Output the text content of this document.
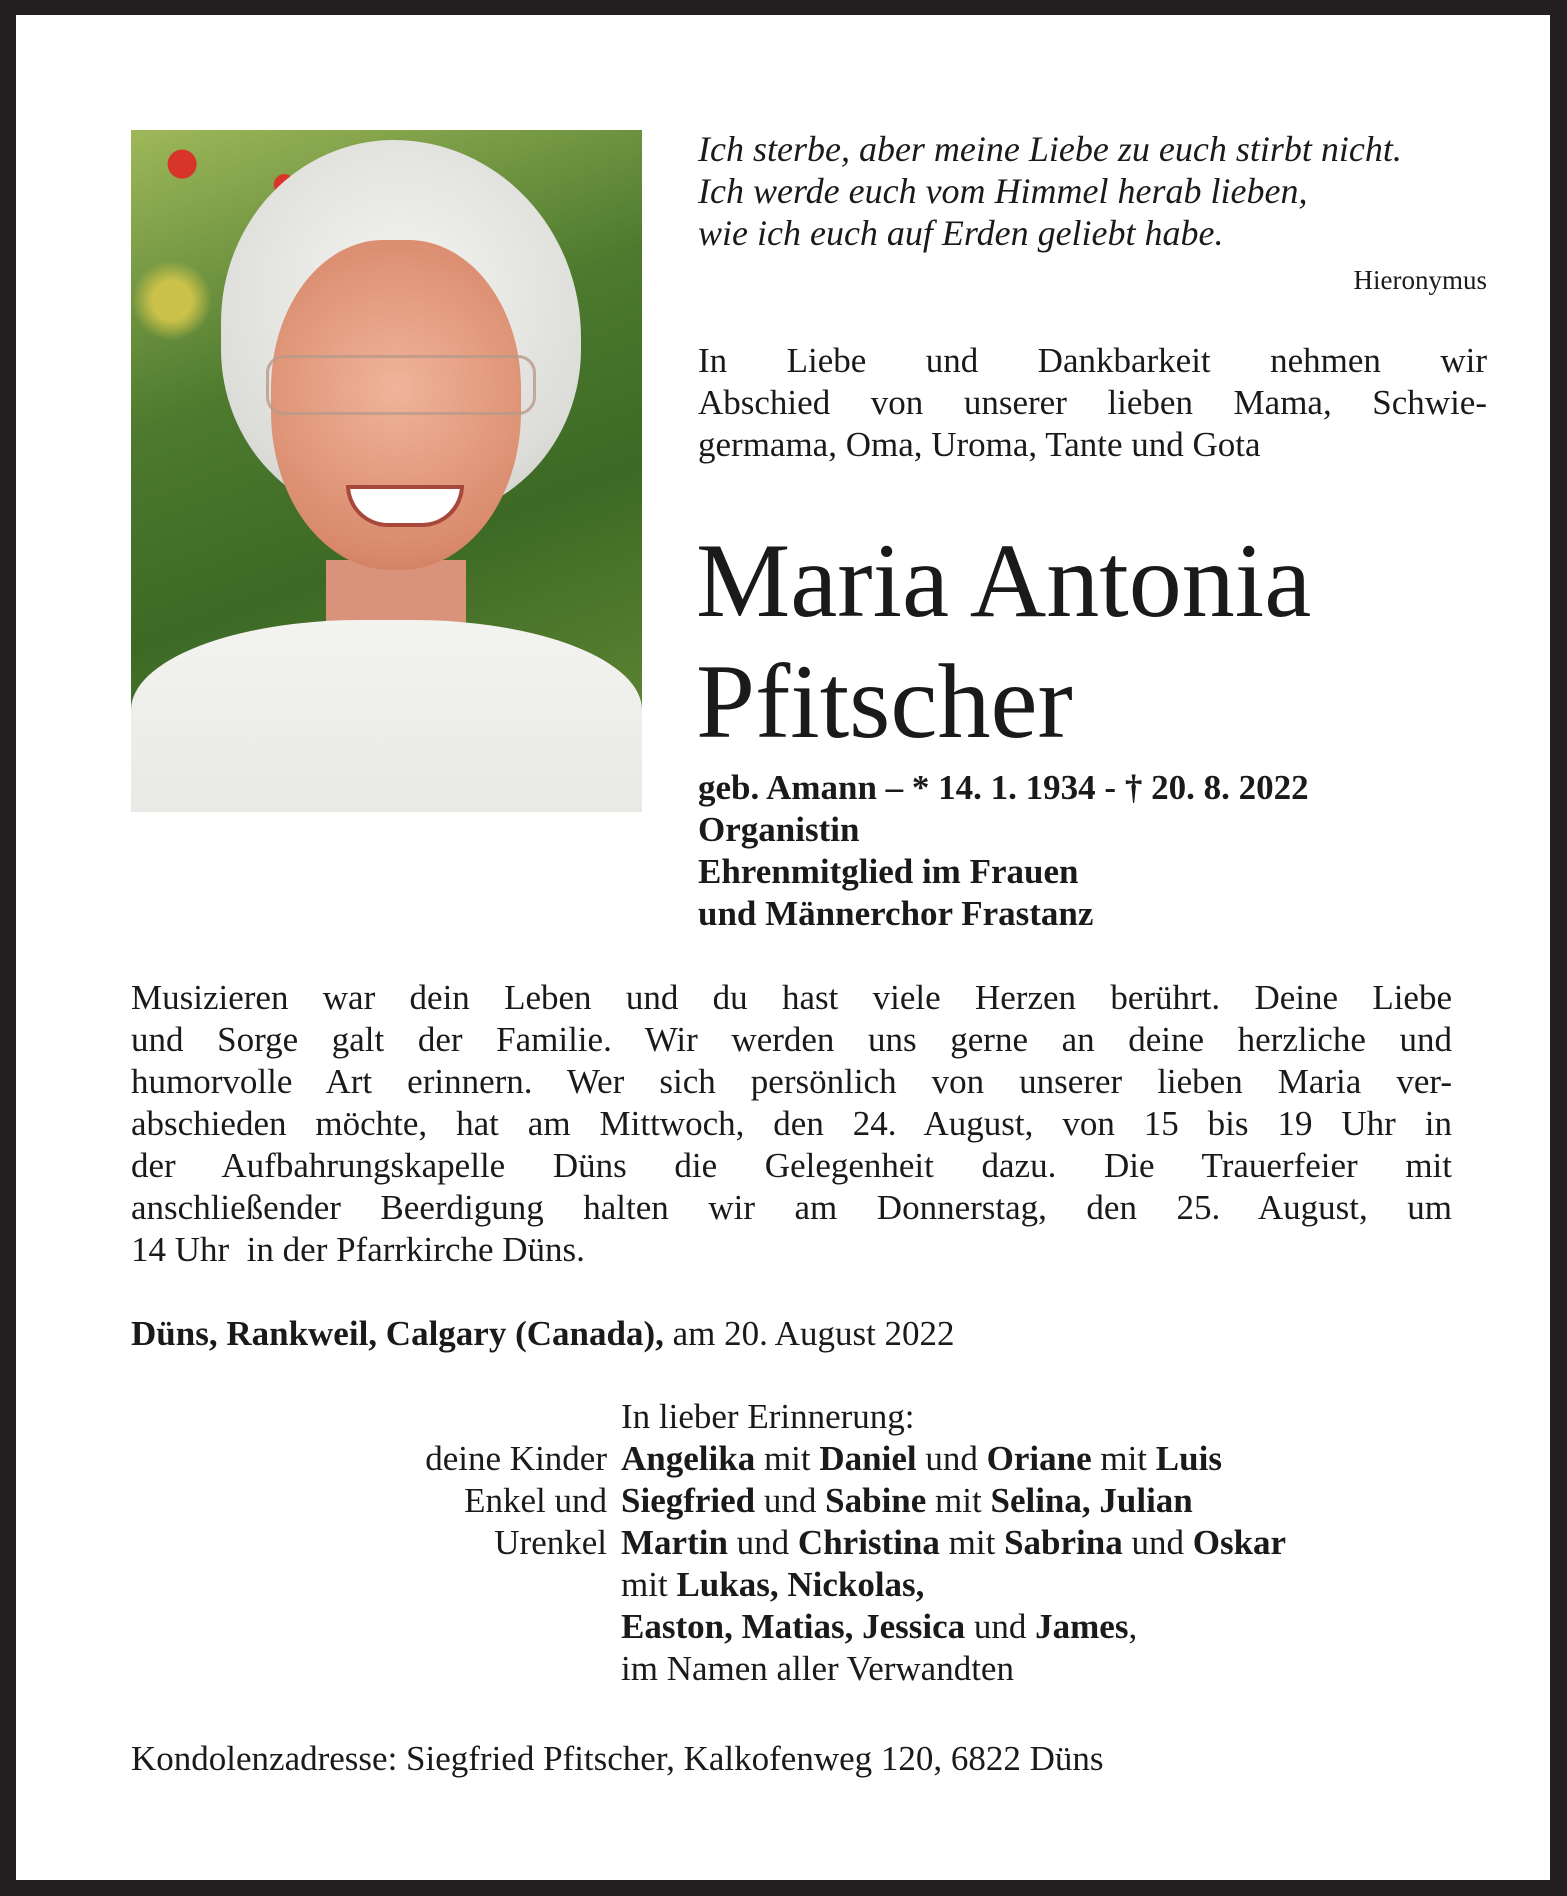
Ich sterbe, aber meine Liebe zu euch stirbt nicht.
Ich werde euch vom Himmel herab lieben,
wie ich euch auf Erden geliebt habe.
Hieronymus
In Liebe und Dankbarkeit nehmen wir
Abschied von unserer lieben Mama, Schwie-
germama, Oma, Uroma, Tante und Gota
Maria Antonia
Pfitscher
geb. Amann – * 14. 1. 1934 - † 20. 8. 2022
Organistin
Ehrenmitglied im Frauen
und Männerchor Frastanz
Musizieren war dein Leben und du hast viele Herzen berührt. Deine Liebe
und Sorge galt der Familie. Wir werden uns gerne an deine herzliche und
humorvolle Art erinnern. Wer sich persönlich von unserer lieben Maria ver-
abschieden möchte, hat am Mittwoch, den 24. August, von 15 bis 19 Uhr in
der Aufbahrungskapelle Düns die Gelegenheit dazu. Die Trauerfeier mit
anschließender Beerdigung halten wir am Donnerstag, den 25. August, um
14 Uhr  in der Pfarrkirche Düns.
Düns, Rankweil, Calgary (Canada), am 20. August 2022
In lieber Erinnerung:
deine Kinder Angelika mit Daniel und Oriane mit Luis
Enkel und Siegfried und Sabine mit Selina, Julian
Urenkel Martin und Christina mit Sabrina und Oskar
mit Lukas, Nickolas,
Easton, Matias, Jessica und James,
im Namen aller Verwandten
Kondolenzadresse: Siegfried Pfitscher, Kalkofenweg 120, 6822 Düns
